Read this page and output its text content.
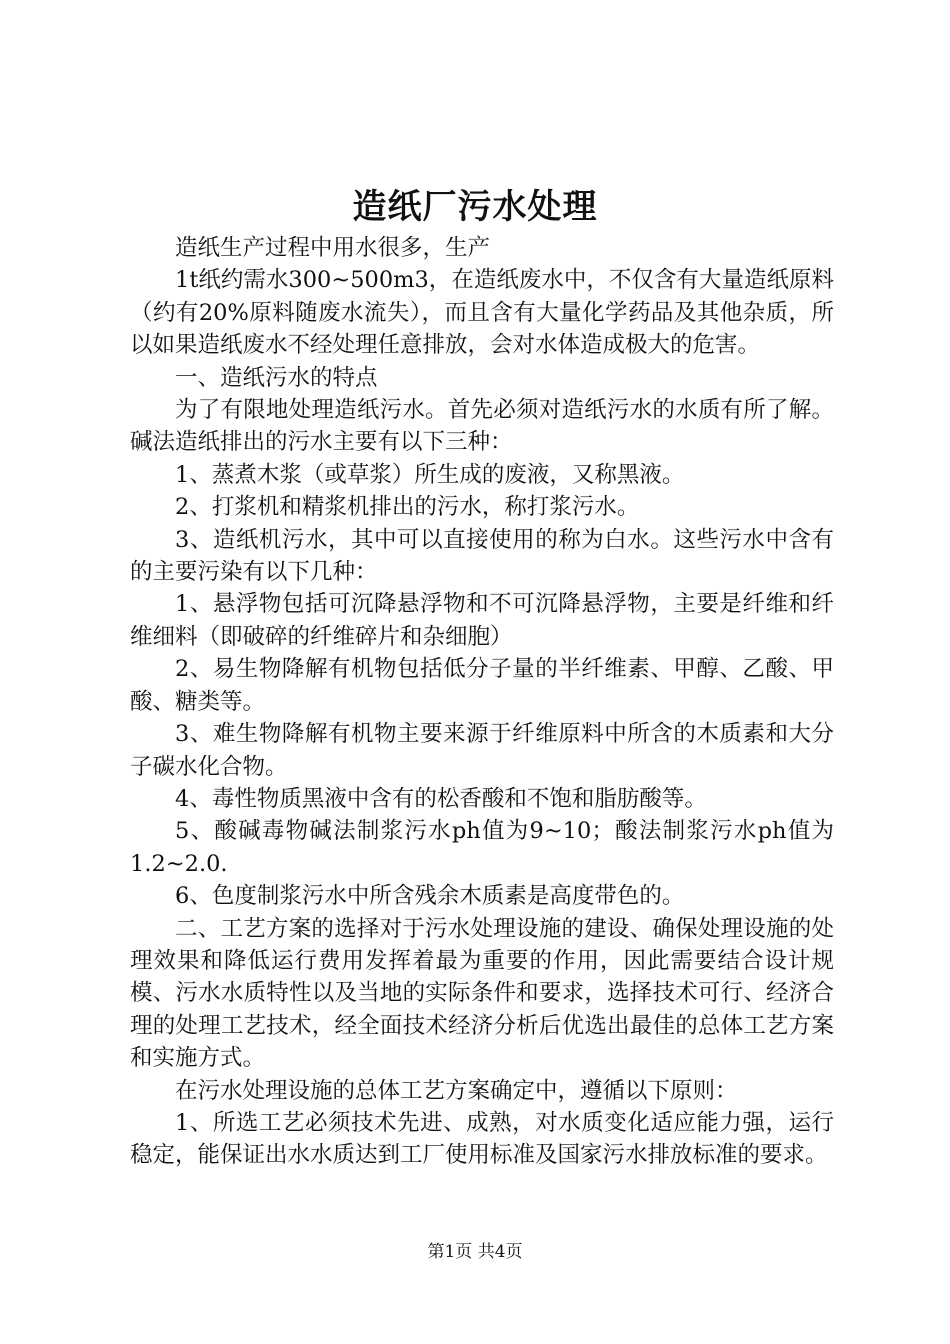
造纸厂污水处理

造纸生产过程中用水很多，生产

1t纸约需水300~500m3，在造纸废水中，不仅含有大量造纸原料（约有20%原料随废水流失），而且含有大量化学药品及其他杂质，所以如果造纸废水不经处理任意排放，会对水体造成极大的危害。

一、造纸污水的特点

为了有限地处理造纸污水。首先必须对造纸污水的水质有所了解。碱法造纸排出的污水主要有以下三种：

1、蒸煮木浆（或草浆）所生成的废液，又称黑液。

2、打浆机和精浆机排出的污水，称打浆污水。

3、造纸机污水，其中可以直接使用的称为白水。这些污水中含有的主要污染有以下几种：

1、悬浮物包括可沉降悬浮物和不可沉降悬浮物，主要是纤维和纤维细料（即破碎的纤维碎片和杂细胞）

2、易生物降解有机物包括低分子量的半纤维素、甲醇、乙酸、甲酸、糖类等。

3、难生物降解有机物主要来源于纤维原料中所含的木质素和大分子碳水化合物。

4、毒性物质黑液中含有的松香酸和不饱和脂肪酸等。

5、酸碱毒物碱法制浆污水ph值为9~10；酸法制浆污水ph值为1.2~2.0.

6、色度制浆污水中所含残余木质素是高度带色的。

二、工艺方案的选择对于污水处理设施的建设、确保处理设施的处理效果和降低运行费用发挥着最为重要的作用，因此需要结合设计规模、污水水质特性以及当地的实际条件和要求，选择技术可行、经济合理的处理工艺技术，经全面技术经济分析后优选出最佳的总体工艺方案和实施方式。

在污水处理设施的总体工艺方案确定中，遵循以下原则：

1、所选工艺必须技术先进、成熟，对水质变化适应能力强，运行稳定，能保证出水水质达到工厂使用标准及国家污水排放标准的要求。

第1页 共4页
